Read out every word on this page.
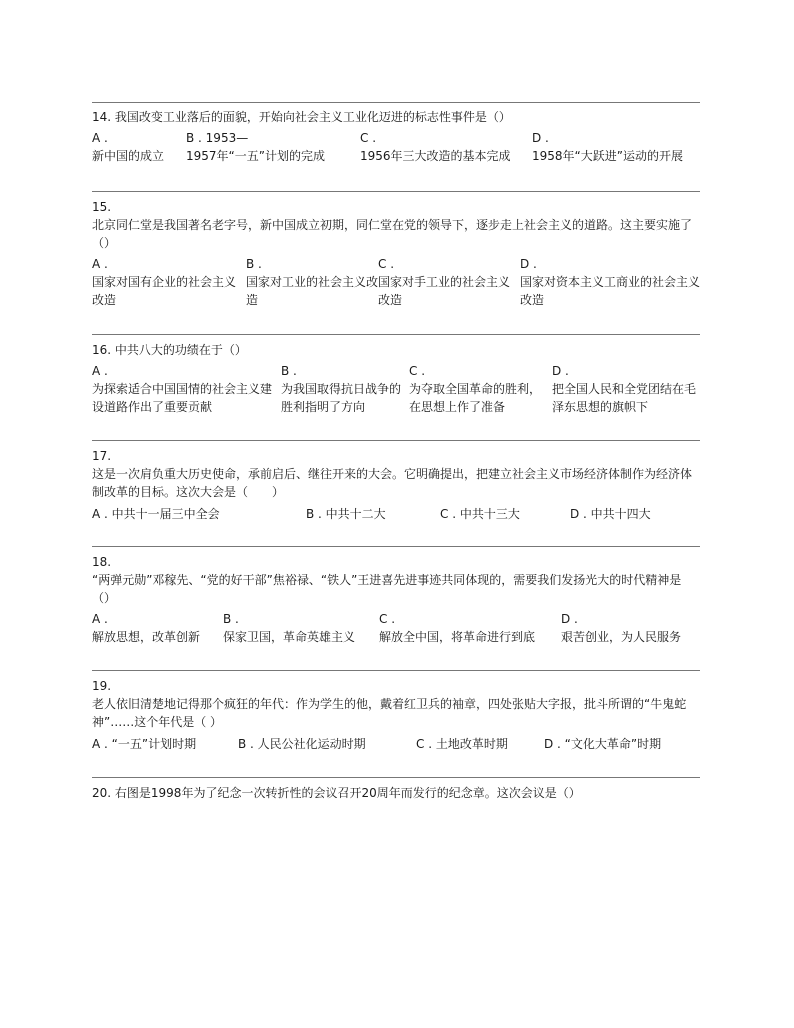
14. 我国改变工业落后的面貌，开始向社会主义工业化迈进的标志性事件是（）
A .
新中国的成立
B . 1953—
1957年“一五”计划的完成
C .
1956年三大改造的基本完成
D .
1958年“大跃进”运动的开展
15.
北京同仁堂是我国著名老字号，新中国成立初期，同仁堂在党的领导下，逐步走上社会主义的道路。这主要实施了（）
A .
国家对国有企业的社会主义改造
B .
国家对工业的社会主义改造
C .
国家对手工业的社会主义改造
D .
国家对资本主义工商业的社会主义改造
16. 中共八大的功绩在于（）
A .
为探索适合中国国情的社会主义建设道路作出了重要贡献
B .
为我国取得抗日战争的胜利指明了方向
C .
为夺取全国革命的胜利，在思想上作了准备
D .
把全国人民和全党团结在毛泽东思想的旗帜下
17.
这是一次肩负重大历史使命，承前启后、继往开来的大会。它明确提出，把建立社会主义市场经济体制作为经济体制改革的目标。这次大会是（　　）
A . 中共十一届三中全会	B . 中共十二大	C . 中共十三大	D . 中共十四大
18.
“两弹元勋”邓稼先、“党的好干部”焦裕禄、“铁人”王进喜先进事迹共同体现的，需要我们发扬光大的时代精神是 （）
A .
解放思想，改革创新
B .
保家卫国，革命英雄主义
C .
解放全中国，将革命进行到底
D .
艰苦创业，为人民服务
19.
老人依旧清楚地记得那个疯狂的年代：作为学生的他，戴着红卫兵的袖章，四处张贴大字报，批斗所谓的“牛鬼蛇神”……这个年代是（ ）
A . “一五”计划时期	B . 人民公社化运动时期	C . 土地改革时期	D . “文化大革命”时期
20. 右图是1998年为了纪念一次转折性的会议召开20周年而发行的纪念章。这次会议是（）
